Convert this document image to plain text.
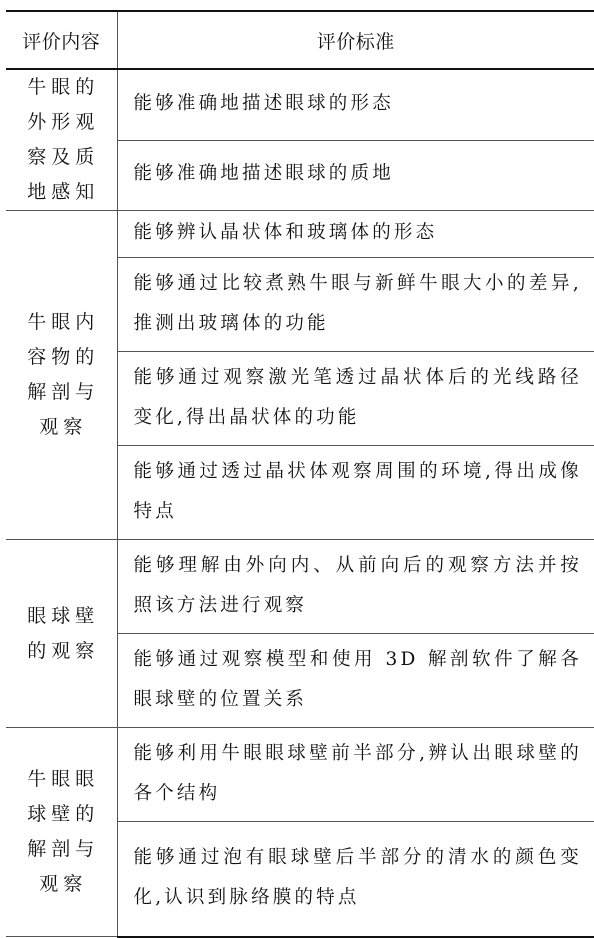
评价内容	评价标准
牛眼的外形观察及质地感知	能够准确地描述眼球的形态
	能够准确地描述眼球的质地
牛眼内容物的解剖与观察	能够辨认晶状体和玻璃体的形态
	能够通过比较煮熟牛眼与新鲜牛眼大小的差异,推测出玻璃体的功能
	能够通过观察激光笔透过晶状体后的光线路径变化,得出晶状体的功能
	能够通过透过晶状体观察周围的环境,得出成像特点
眼球壁的观察	能够理解由外向内、从前向后的观察方法并按照该方法进行观察
	能够通过观察模型和使用 3D 解剖软件了解各眼球壁的位置关系
牛眼眼球壁的解剖与观察	能够利用牛眼眼球壁前半部分,辨认出眼球壁的各个结构
	能够通过泡有眼球壁后半部分的清水的颜色变化,认识到脉络膜的特点
